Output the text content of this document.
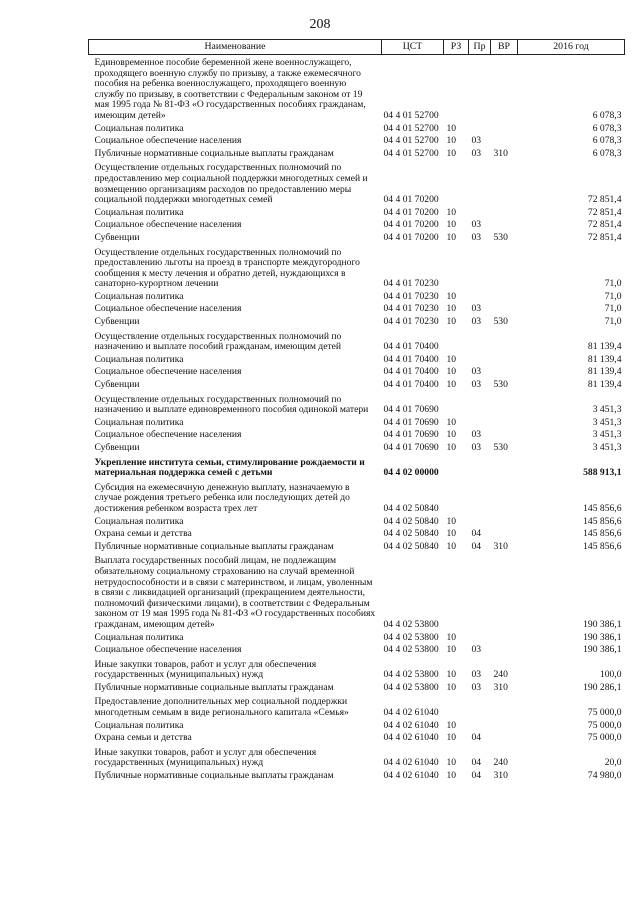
208
Наименование	ЦСТ	РЗ	Пр	ВР	2016 год
Единовременное пособие беременной жене военнослужащего, проходящего военную службу по призыву, а также ежемесячного пособия на ребенка военнослужащего, проходящего военную службу по призыву, в соответствии с Федеральным законом от 19 мая 1995 года № 81-ФЗ «О государственных пособиях гражданам, имеющим детей»	04 4 01 52700				6 078,3
Социальная политика	04 4 01 52700	10			6 078,3
Социальное обеспечение населения	04 4 01 52700	10	03		6 078,3
Публичные нормативные социальные выплаты гражданам	04 4 01 52700	10	03	310	6 078,3
Осуществление отдельных государственных полномочий по предоставлению мер социальной поддержки многодетных семей и возмещению организациям расходов по предоставлению меры социальной поддержки многодетных семей	04 4 01 70200				72 851,4
Социальная политика	04 4 01 70200	10			72 851,4
Социальное обеспечение населения	04 4 01 70200	10	03		72 851,4
Субвенции	04 4 01 70200	10	03	530	72 851,4
Осуществление отдельных государственных полномочий по предоставлению льготы на проезд в транспорте междугородного сообщения к месту лечения и обратно детей, нуждающихся в санаторно-курортном лечении	04 4 01 70230				71,0
Социальная политика	04 4 01 70230	10			71,0
Социальное обеспечение населения	04 4 01 70230	10	03		71,0
Субвенции	04 4 01 70230	10	03	530	71,0
Осуществление отдельных государственных полномочий по назначению и выплате пособий гражданам, имеющим детей	04 4 01 70400				81 139,4
Социальная политика	04 4 01 70400	10			81 139,4
Социальное обеспечение населения	04 4 01 70400	10	03		81 139,4
Субвенции	04 4 01 70400	10	03	530	81 139,4
Осуществление отдельных государственных полномочий по назначению и выплате единовременного пособия одинокой матери	04 4 01 70690				3 451,3
Социальная политика	04 4 01 70690	10			3 451,3
Социальное обеспечение населения	04 4 01 70690	10	03		3 451,3
Субвенции	04 4 01 70690	10	03	530	3 451,3
Укрепление института семьи, стимулирование рождаемости и материальная поддержка семей с детьми	04 4 02 00000				588 913,1
Субсидия на ежемесячную денежную выплату, назначаемую в случае рождения третьего ребенка или последующих детей до достижения ребенком возраста трех лет	04 4 02 50840				145 856,6
Социальная политика	04 4 02 50840	10			145 856,6
Охрана семьи и детства	04 4 02 50840	10	04		145 856,6
Публичные нормативные социальные выплаты гражданам	04 4 02 50840	10	04	310	145 856,6
Выплата государственных пособий лицам, не подлежащим обязательному социальному страхованию на случай временной нетрудоспособности и в связи с материнством, и лицам, уволенным в связи с ликвидацией организаций (прекращением деятельности, полномочий физическими лицами), в соответствии с Федеральным законом от 19 мая 1995 года № 81-ФЗ «О государственных пособиях гражданам, имеющим детей»	04 4 02 53800				190 386,1
Социальная политика	04 4 02 53800	10			190 386,1
Социальное обеспечение населения	04 4 02 53800	10	03		190 386,1
Иные закупки товаров, работ и услуг для обеспечения государственных (муниципальных) нужд	04 4 02 53800	10	03	240	100,0
Публичные нормативные социальные выплаты гражданам	04 4 02 53800	10	03	310	190 286,1
Предоставление дополнительных мер социальной поддержки многодетным семьям в виде регионального капитала «Семья»	04 4 02 61040				75 000,0
Социальная политика	04 4 02 61040	10			75 000,0
Охрана семьи и детства	04 4 02 61040	10	04		75 000,0
Иные закупки товаров, работ и услуг для обеспечения государственных (муниципальных) нужд	04 4 02 61040	10	04	240	20,0
Публичные нормативные социальные выплаты гражданам	04 4 02 61040	10	04	310	74 980,0
